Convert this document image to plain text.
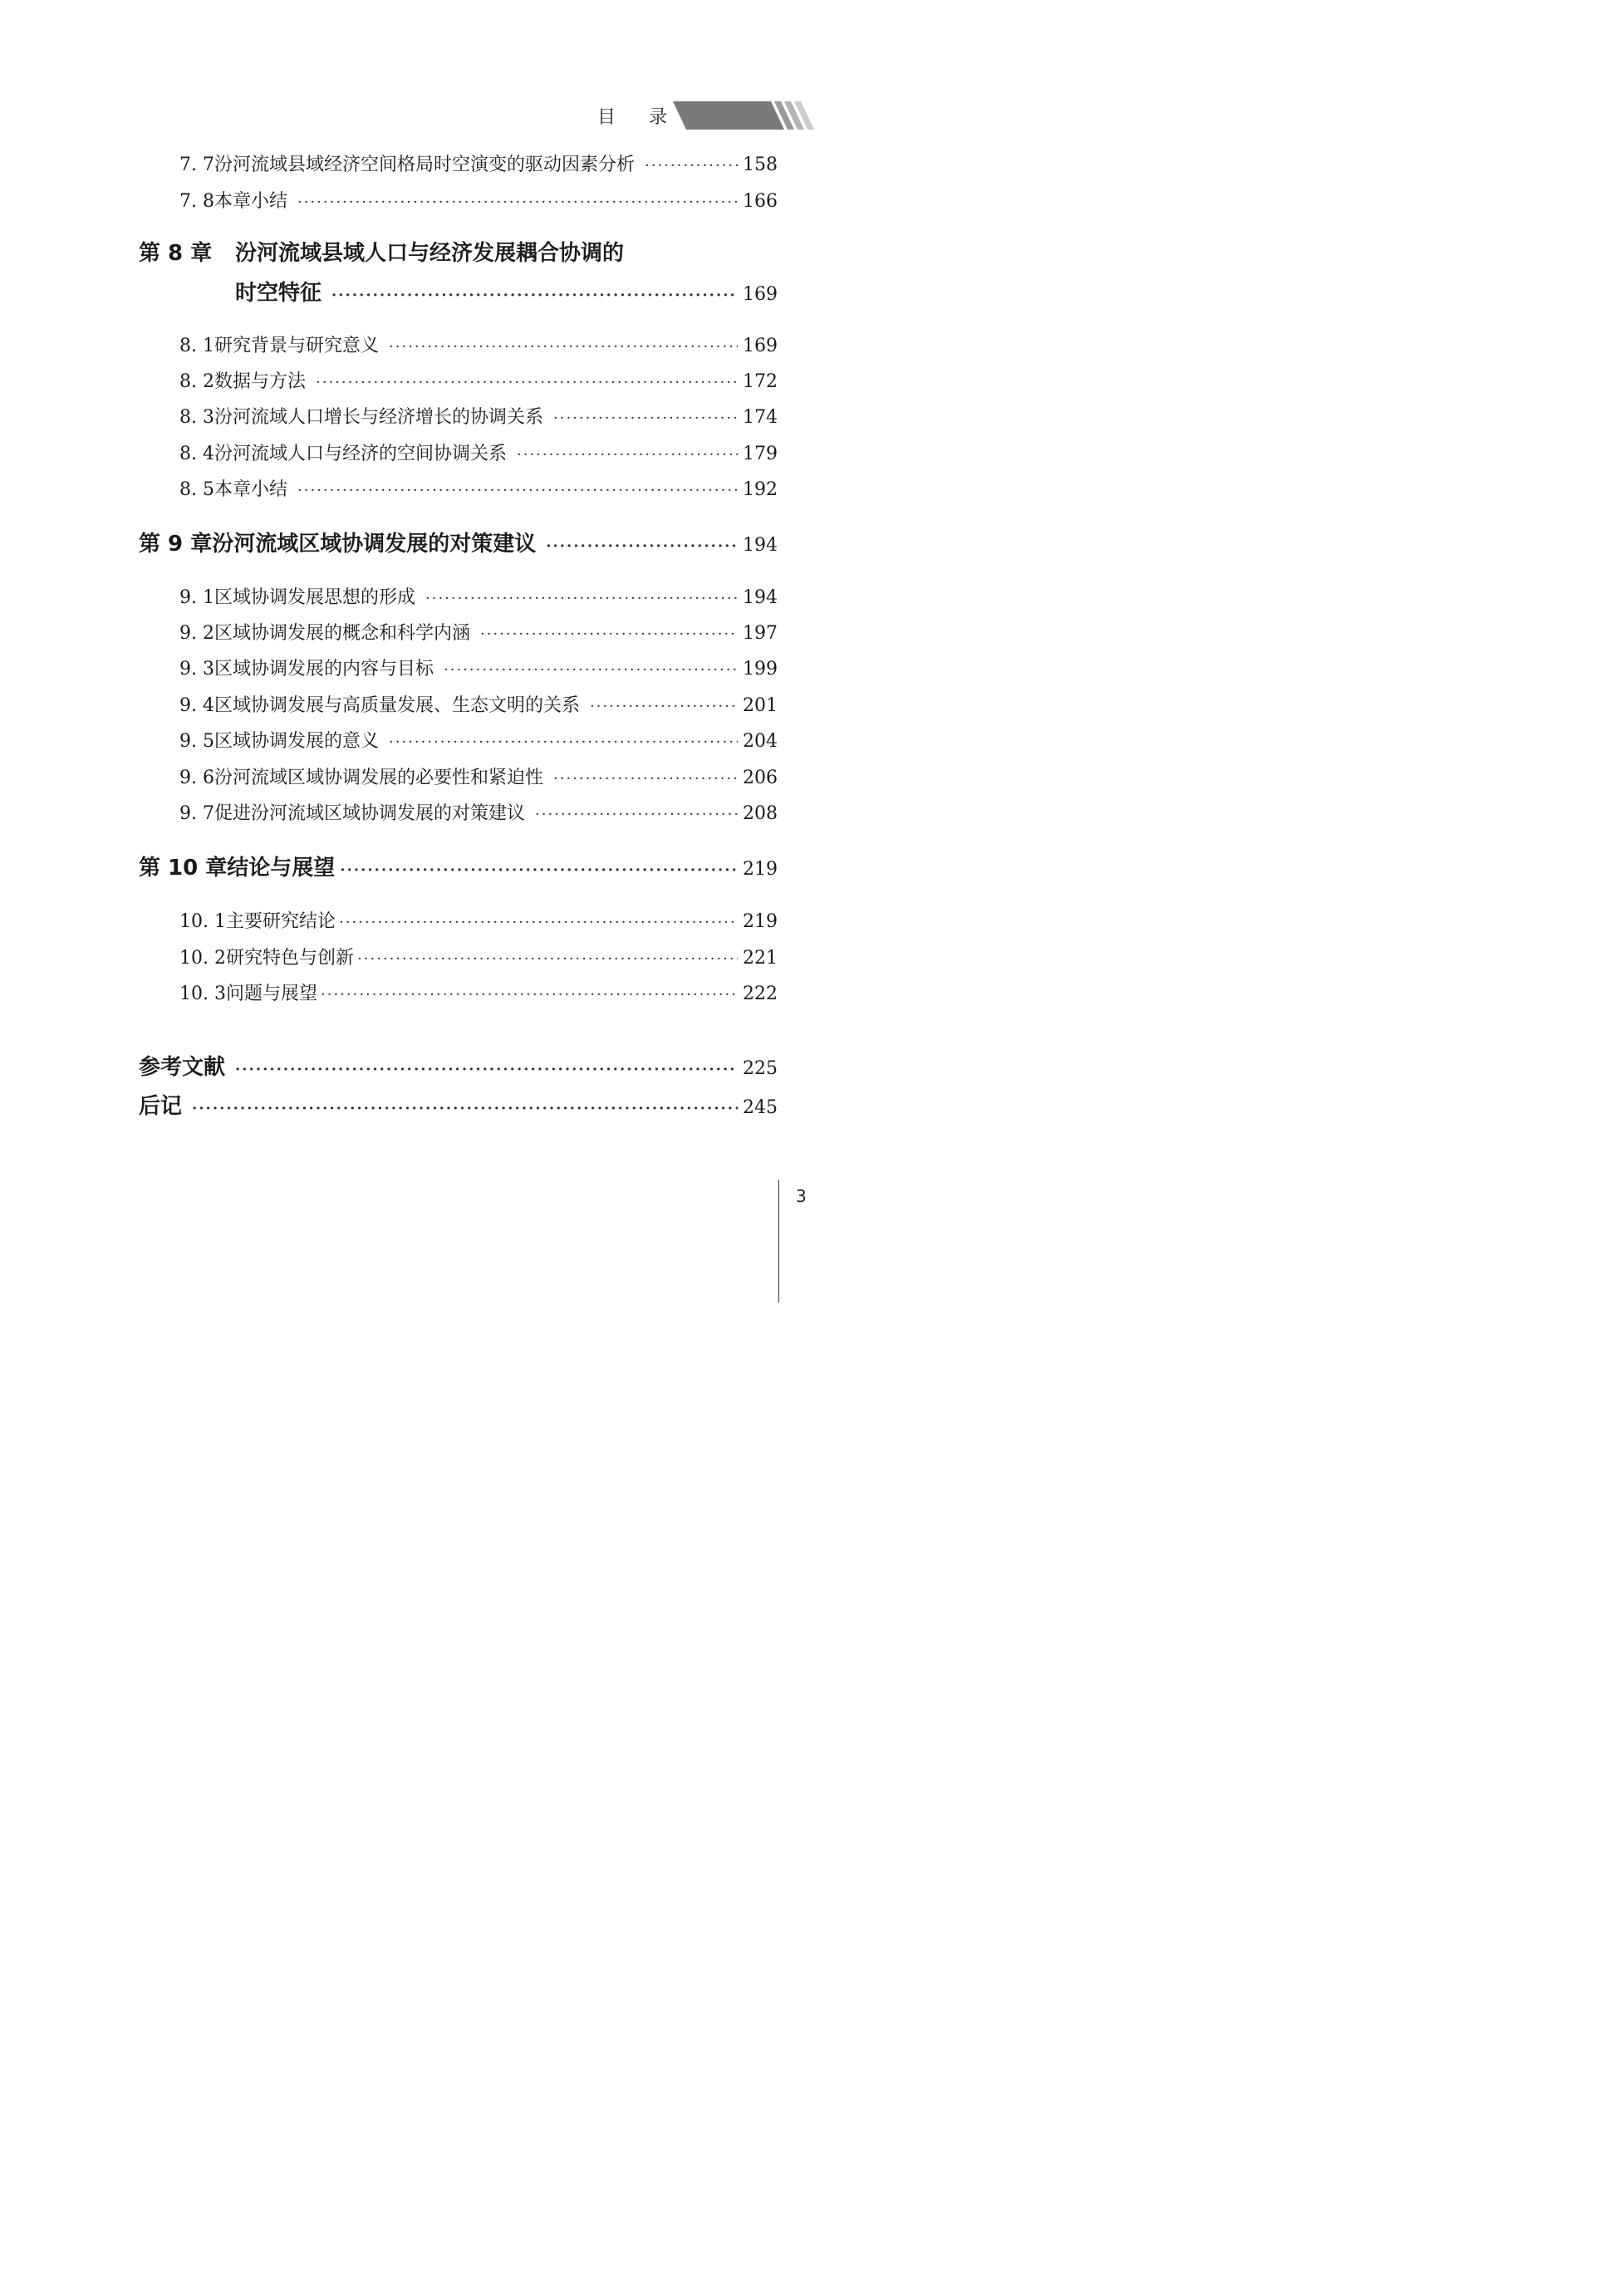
目 录
7. 7 汾河流域县域经济空间格局时空演变的驱动因素分析 ·····	158
7. 8 本章小结 ·····	166
第 8 章 汾河流域县域人口与经济发展耦合协调的
时空特征 ·····	169
8. 1 研究背景与研究意义 ·····	169
8. 2 数据与方法 ·····	172
8. 3 汾河流域人口增长与经济增长的协调关系 ·····	174
8. 4 汾河流域人口与经济的空间协调关系 ·····	179
8. 5 本章小结 ·····	192
第 9 章 汾河流域区域协调发展的对策建议 ·····	194
9. 1 区域协调发展思想的形成 ·····	194
9. 2 区域协调发展的概念和科学内涵 ·····	197
9. 3 区域协调发展的内容与目标 ·····	199
9. 4 区域协调发展与高质量发展、生态文明的关系 ·····	201
9. 5 区域协调发展的意义 ·····	204
9. 6 汾河流域区域协调发展的必要性和紧迫性 ·····	206
9. 7 促进汾河流域区域协调发展的对策建议 ·····	208
第 10 章 结论与展望 ·····	219
10. 1 主要研究结论 ·····	219
10. 2 研究特色与创新 ·····	221
10. 3 问题与展望 ·····	222
参考文献 ·····	225
后记 ·····	245
3
